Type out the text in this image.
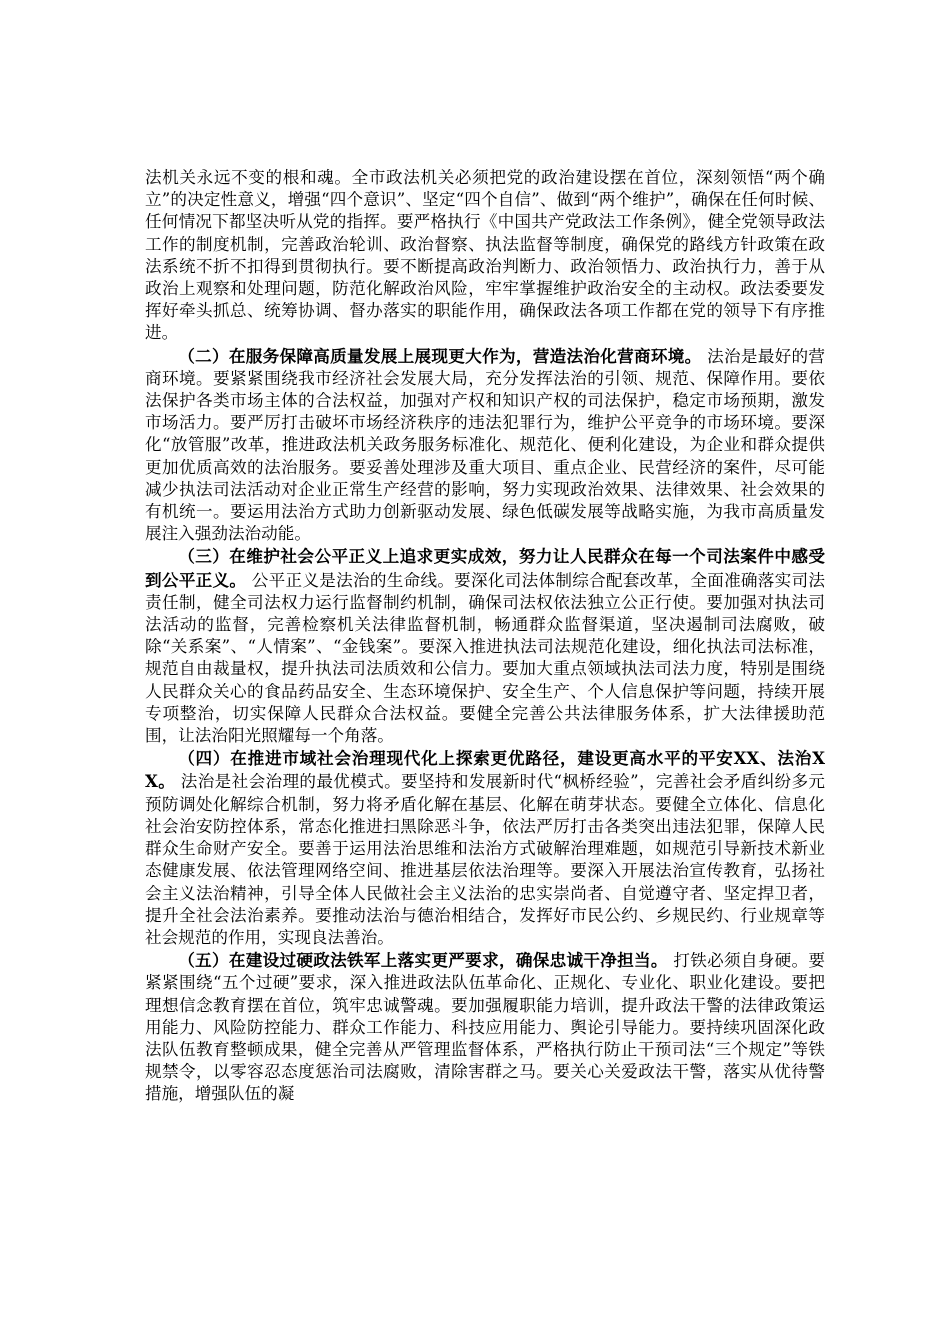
法机关永远不变的根和魂。全市政法机关必须把党的政治建设摆在首位，深刻领悟“两个确立”的决定性意义，增强“四个意识”、坚定“四个自信”、做到“两个维护”，确保在任何时候、任何情况下都坚决听从党的指挥。要严格执行《中国共产党政法工作条例》，健全党领导政法工作的制度机制，完善政治轮训、政治督察、执法监督等制度，确保党的路线方针政策在政法系统不折不扣得到贯彻执行。要不断提高政治判断力、政治领悟力、政治执行力，善于从政治上观察和处理问题，防范化解政治风险，牢牢掌握维护政治安全的主动权。政法委要发挥好牵头抓总、统筹协调、督办落实的职能作用，确保政法各项工作都在党的领导下有序推进。

（二）在服务保障高质量发展上展现更大作为，营造法治化营商环境。 法治是最好的营商环境。要紧紧围绕我市经济社会发展大局，充分发挥法治的引领、规范、保障作用。要依法保护各类市场主体的合法权益，加强对产权和知识产权的司法保护，稳定市场预期，激发市场活力。要严厉打击破坏市场经济秩序的违法犯罪行为，维护公平竞争的市场环境。要深化“放管服”改革，推进政法机关政务服务标准化、规范化、便利化建设，为企业和群众提供更加优质高效的法治服务。要妥善处理涉及重大项目、重点企业、民营经济的案件，尽可能减少执法司法活动对企业正常生产经营的影响，努力实现政治效果、法律效果、社会效果的有机统一。要运用法治方式助力创新驱动发展、绿色低碳发展等战略实施，为我市高质量发展注入强劲法治动能。

（三）在维护社会公平正义上追求更实成效，努力让人民群众在每一个司法案件中感受到公平正义。 公平正义是法治的生命线。要深化司法体制综合配套改革，全面准确落实司法责任制，健全司法权力运行监督制约机制，确保司法权依法独立公正行使。要加强对执法司法活动的监督，完善检察机关法律监督机制，畅通群众监督渠道，坚决遏制司法腐败，破除“关系案”、“人情案”、“金钱案”。要深入推进执法司法规范化建设，细化执法司法标准，规范自由裁量权，提升执法司法质效和公信力。要加大重点领域执法司法力度，特别是围绕人民群众关心的食品药品安全、生态环境保护、安全生产、个人信息保护等问题，持续开展专项整治，切实保障人民群众合法权益。要健全完善公共法律服务体系，扩大法律援助范围，让法治阳光照耀每一个角落。

（四）在推进市域社会治理现代化上探索更优路径，建设更高水平的平安XX、法治XX。 法治是社会治理的最优模式。要坚持和发展新时代“枫桥经验”，完善社会矛盾纠纷多元预防调处化解综合机制，努力将矛盾化解在基层、化解在萌芽状态。要健全立体化、信息化社会治安防控体系，常态化推进扫黑除恶斗争，依法严厉打击各类突出违法犯罪，保障人民群众生命财产安全。要善于运用法治思维和法治方式破解治理难题，如规范引导新技术新业态健康发展、依法管理网络空间、推进基层依法治理等。要深入开展法治宣传教育，弘扬社会主义法治精神，引导全体人民做社会主义法治的忠实崇尚者、自觉遵守者、坚定捍卫者，提升全社会法治素养。要推动法治与德治相结合，发挥好市民公约、乡规民约、行业规章等社会规范的作用，实现良法善治。

（五）在建设过硬政法铁军上落实更严要求，确保忠诚干净担当。 打铁必须自身硬。要紧紧围绕“五个过硬”要求，深入推进政法队伍革命化、正规化、专业化、职业化建设。要把理想信念教育摆在首位，筑牢忠诚警魂。要加强履职能力培训，提升政法干警的法律政策运用能力、风险防控能力、群众工作能力、科技应用能力、舆论引导能力。要持续巩固深化政法队伍教育整顿成果，健全完善从严管理监督体系，严格执行防止干预司法“三个规定”等铁规禁令，以零容忍态度惩治司法腐败，清除害群之马。要关心关爱政法干警，落实从优待警措施，增强队伍的凝
